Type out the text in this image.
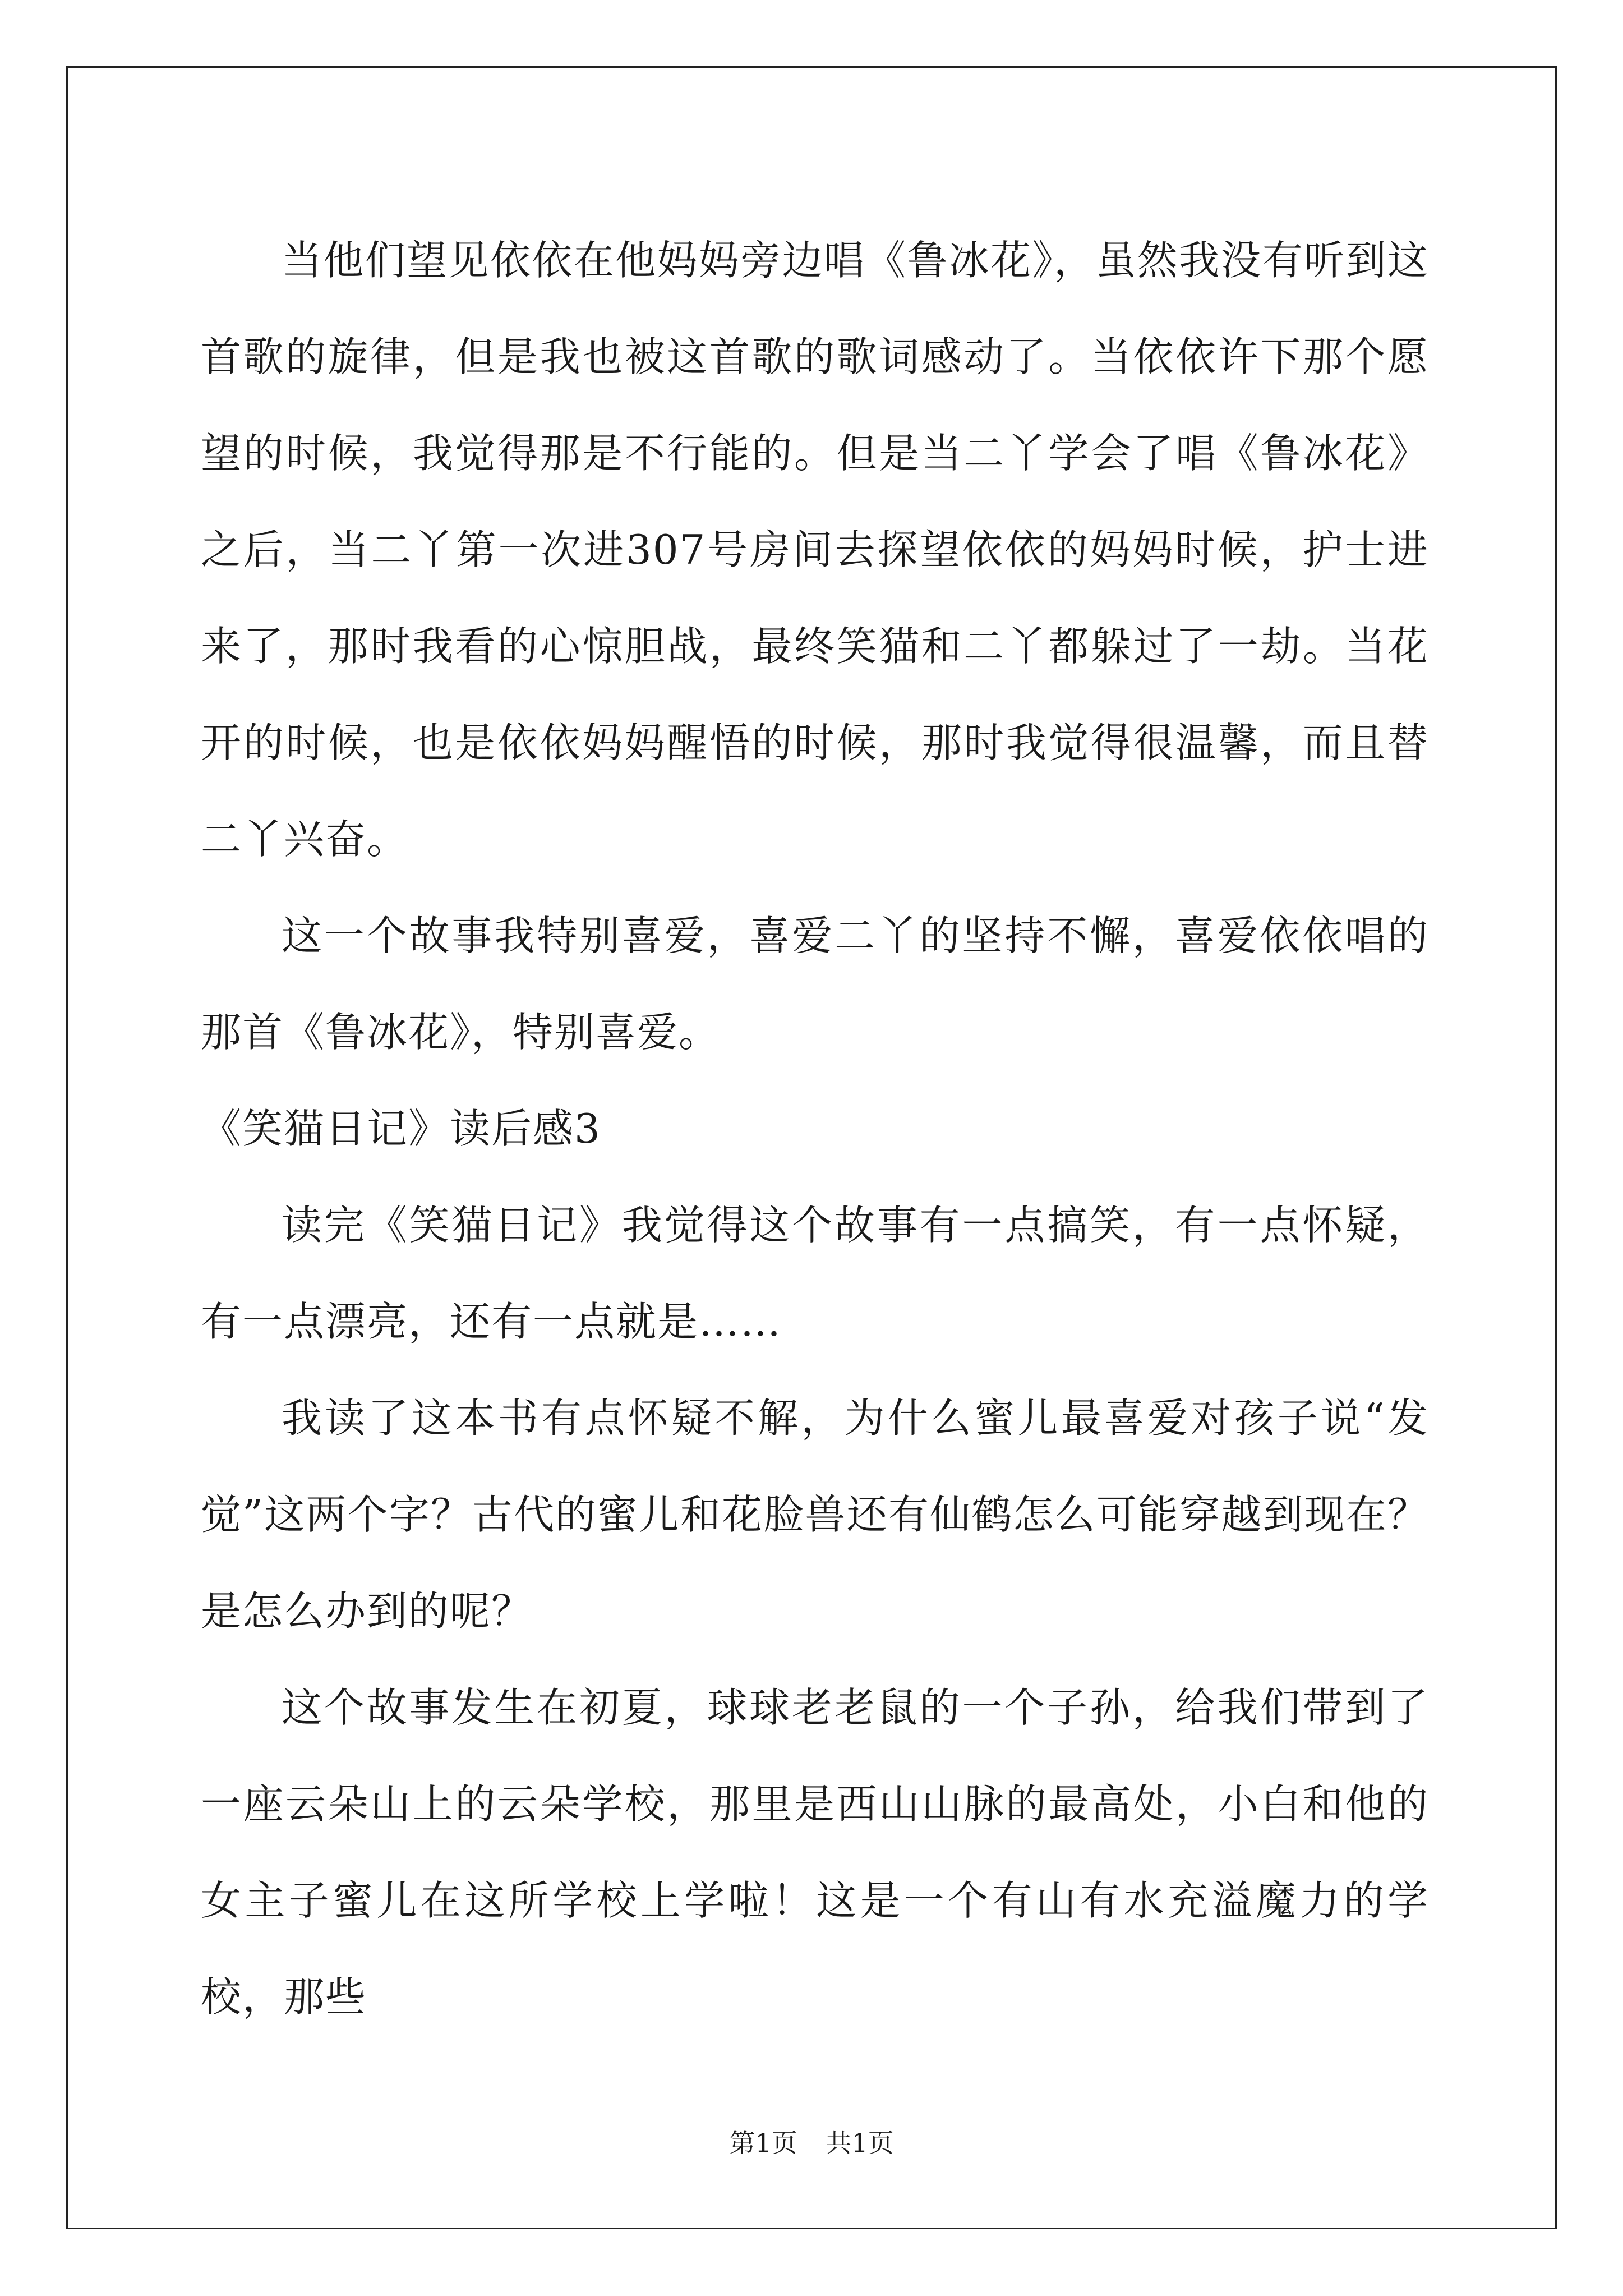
当他们望见依依在他妈妈旁边唱《鲁冰花》，虽然我没有听到这首歌的旋律，但是我也被这首歌的歌词感动了。当依依许下那个愿望的时候，我觉得那是不行能的。但是当二丫学会了唱《鲁冰花》之后，当二丫第一次进307号房间去探望依依的妈妈时候，护士进来了，那时我看的心惊胆战，最终笑猫和二丫都躲过了一劫。当花开的时候，也是依依妈妈醒悟的时候，那时我觉得很温馨，而且替二丫兴奋。

这一个故事我特别喜爱，喜爱二丫的坚持不懈，喜爱依依唱的那首《鲁冰花》，特别喜爱。

《笑猫日记》读后感3

读完《笑猫日记》我觉得这个故事有一点搞笑，有一点怀疑，有一点漂亮，还有一点就是……

我读了这本书有点怀疑不解，为什么蜜儿最喜爱对孩子说“发觉”这两个字？古代的蜜儿和花脸兽还有仙鹤怎么可能穿越到现在？是怎么办到的呢？

这个故事发生在初夏，球球老老鼠的一个子孙，给我们带到了一座云朵山上的云朵学校，那里是西山山脉的最高处，小白和他的女主子蜜儿在这所学校上学啦！这是一个有山有水充溢魔力的学校，那些

第1页 共1页
